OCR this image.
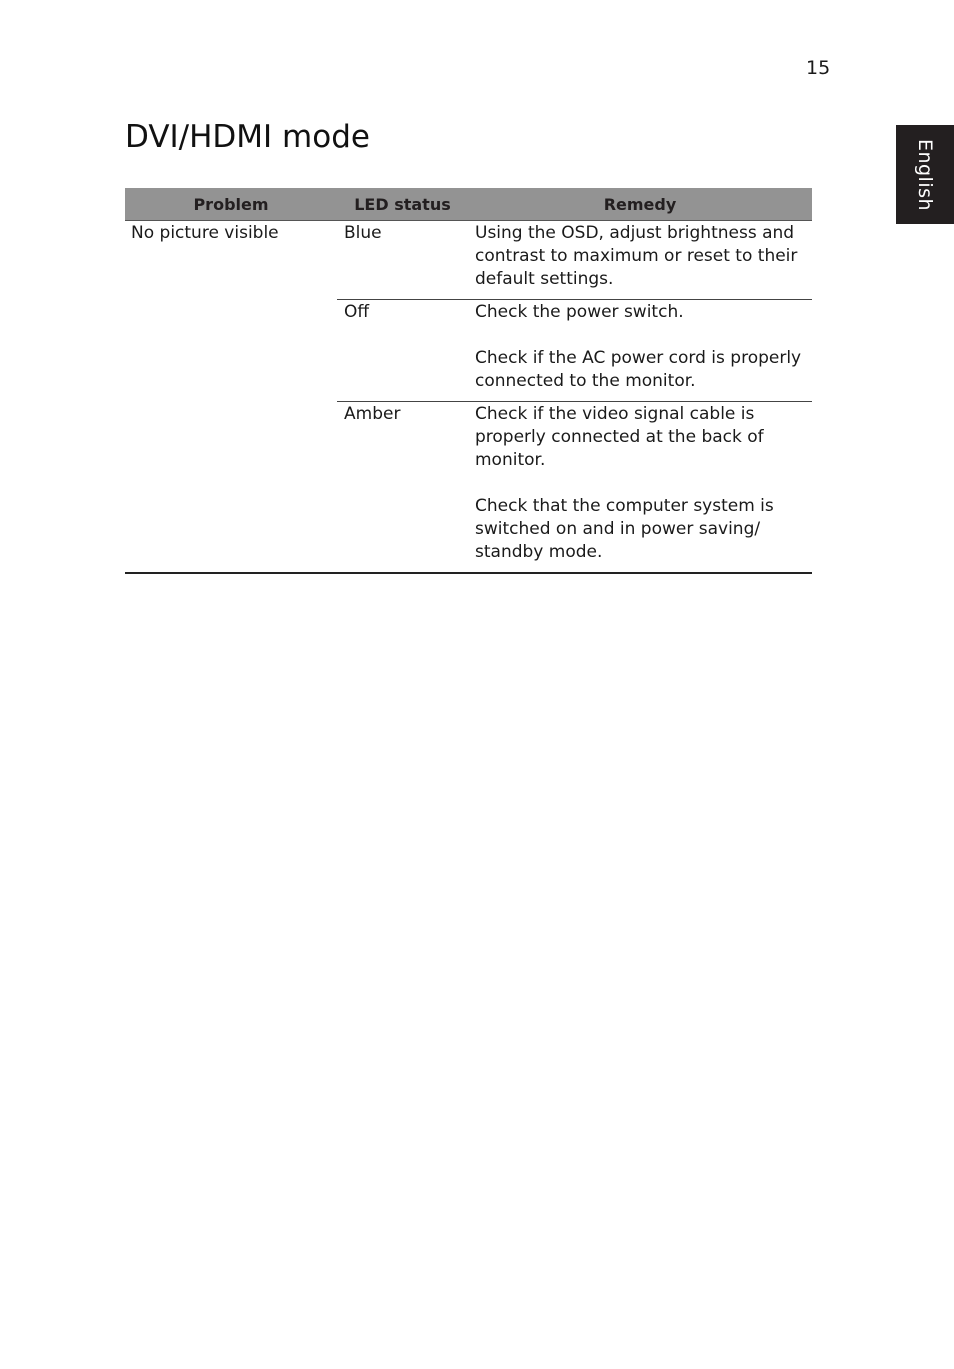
15
English
DVI/HDMI mode
Problem	LED status	Remedy
No picture visible	Blue	Using the OSD, adjust brightness and contrast to maximum or reset to their default settings.

	Off	Check the power switch.

Check if the AC power cord is properly connected to the monitor.

	Amber	Check if the video signal cable is properly connected at the back of monitor.

Check that the computer system is switched on and in power saving/ standby mode.
